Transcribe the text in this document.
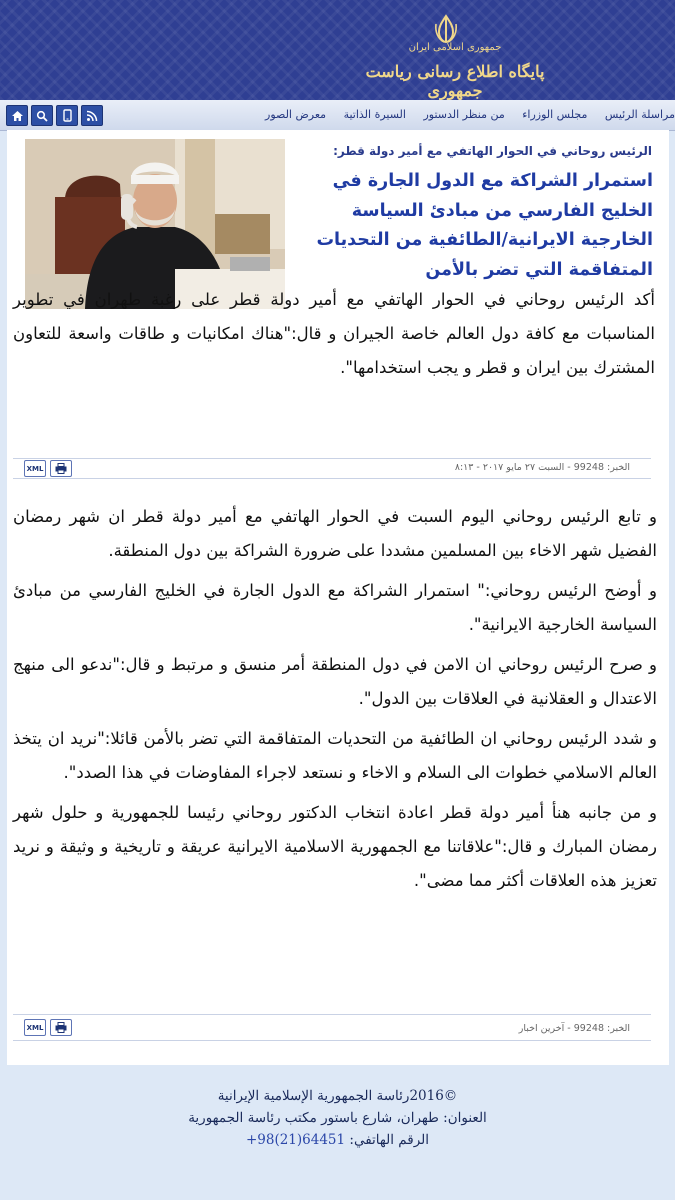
جمهوری اسلامی ایران
پایگاه اطلاع رسانی ریاست جمهوری
مراسلة الرئيس مجلس الوزراء من منظر الدستور السيرة الذاتية معرض الصور
الرئيس روحاني في الحوار الهاتفي مع أمير دولة قطر:
استمرار الشراكة مع الدول الجارة في الخليج الفارسي من مبادئ السياسة الخارجية الايرانية/الطائفية من التحديات المتفاقمة التي تضر بالأمن
أكد الرئيس روحاني في الحوار الهاتفي مع أمير دولة قطر على رغبة طهران في تطوير المناسبات مع كافة دول العالم خاصة الجيران و قال:"هناك امكانيات و طاقات واسعة للتعاون المشترك بين ايران و قطر و يجب استخدامها".
XML	الخبر: 99248 - السبت ٢٧ مايو ٢٠١٧ - ٨:١٣
و تابع الرئيس روحاني اليوم السبت في الحوار الهاتفي مع أمير دولة قطر ان شهر رمضان الفضيل شهر الاخاء بين المسلمين مشددا على ضرورة الشراكة بين دول المنطقة.
و أوضح الرئيس روحاني:" استمرار الشراكة مع الدول الجارة في الخليج الفارسي من مبادئ السياسة الخارجية الايرانية".
و صرح الرئيس روحاني ان الامن في دول المنطقة أمر منسق و مرتبط و قال:"ندعو الى منهج الاعتدال و العقلانية في العلاقات بين الدول".
و شدد الرئيس روحاني ان الطائفية من التحديات المتفاقمة التي تضر بالأمن قائلا:"نريد ان يتخذ العالم الاسلامي خطوات الى السلام و الاخاء و نستعد لاجراء المفاوضات في هذا الصدد".
و من جانبه هنأ أمير دولة قطر اعادة انتخاب الدكتور روحاني رئيسا للجمهورية و حلول شهر رمضان المبارك و قال:"علاقاتنا مع الجمهورية الاسلامية الايرانية عريقة و تاريخية و وثيقة و نريد تعزيز هذه العلاقات أكثر مما مضى".
XML	الخبر: 99248 - آخرين اخبار
©2016رئاسة الجمهورية الإسلامية الإيرانية
العنوان: طهران، شارع باستور مكتب رئاسة الجمهورية
الرقم الهاتفي: +98(21)64451
